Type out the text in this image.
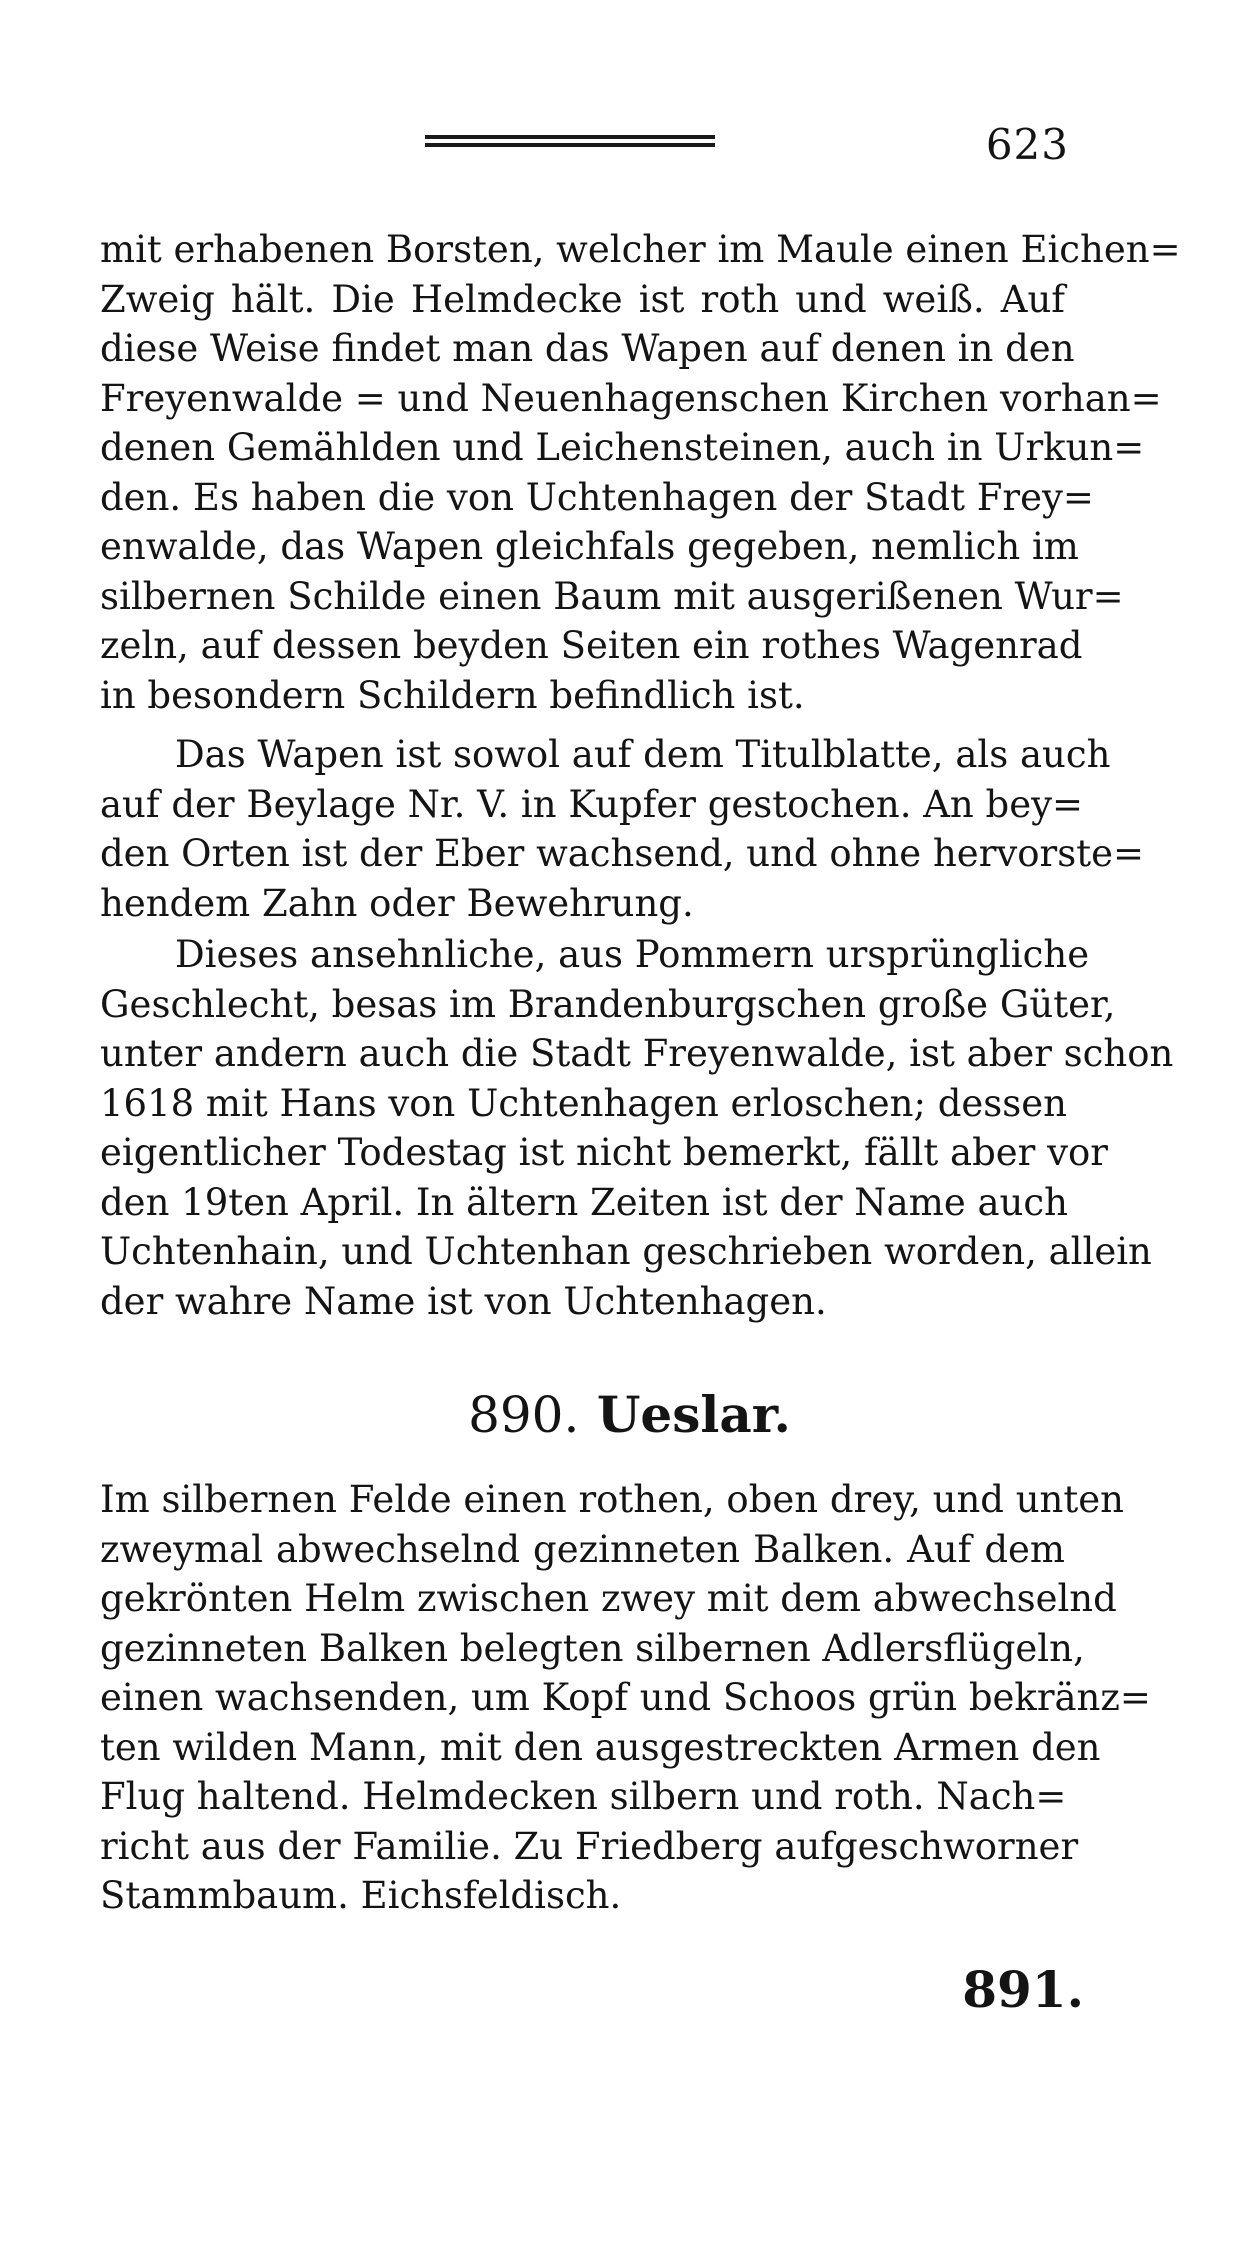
623

mit erhabenen Borsten, welcher im Maule einen Eichen=
Zweig hält. Die Helmdecke ist roth und weiß. Auf
diese Weise findet man das Wapen auf denen in den
Freyenwalde = und Neuenhagenschen Kirchen vorhan=
denen Gemählden und Leichensteinen, auch in Urkun=
den. Es haben die von Uchtenhagen der Stadt Frey=
enwalde, das Wapen gleichfals gegeben, nemlich im
silbernen Schilde einen Baum mit ausgerißenen Wur=
zeln, auf dessen beyden Seiten ein rothes Wagenrad
in besondern Schildern befindlich ist.

Das Wapen ist sowol auf dem Titulblatte, als auch
auf der Beylage Nr. V. in Kupfer gestochen. An bey=
den Orten ist der Eber wachsend, und ohne hervorste=
hendem Zahn oder Bewehrung.

Dieses ansehnliche, aus Pommern ursprüngliche
Geschlecht, besas im Brandenburgschen große Güter,
unter andern auch die Stadt Freyenwalde, ist aber schon
1618 mit Hans von Uchtenhagen erloschen; dessen
eigentlicher Todestag ist nicht bemerkt, fällt aber vor
den 19ten April. In ältern Zeiten ist der Name auch
Uchtenhain, und Uchtenhan geschrieben worden, allein
der wahre Name ist von Uchtenhagen.

890. Ueslar.

Im silbernen Felde einen rothen, oben drey, und unten
zweymal abwechselnd gezinneten Balken. Auf dem
gekrönten Helm zwischen zwey mit dem abwechselnd
gezinneten Balken belegten silbernen Adlersflügeln,
einen wachsenden, um Kopf und Schoos grün bekränz=
ten wilden Mann, mit den ausgestreckten Armen den
Flug haltend. Helmdecken silbern und roth. Nach=
richt aus der Familie. Zu Friedberg aufgeschworner
Stammbaum. Eichsfeldisch.

891.
